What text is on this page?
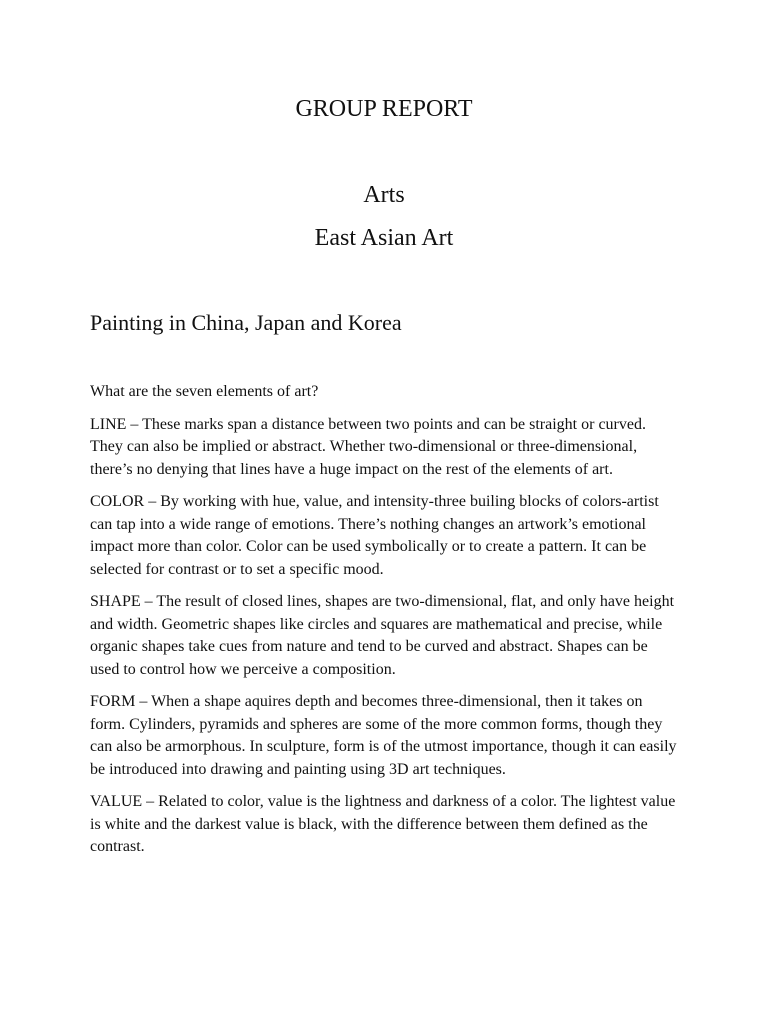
GROUP REPORT
Arts
East Asian Art
Painting in China, Japan and Korea

What are the seven elements of art?

LINE – These marks span a distance between two points and can be straight or curved. They can also be implied or abstract. Whether two-dimensional or three-dimensional, there’s no denying that lines have a huge impact on the rest of the elements of art.

COLOR – By working with hue, value, and intensity-three builing blocks of colors-artist can tap into a wide range of emotions. There’s nothing changes an artwork’s emotional impact more than color. Color can be used symbolically or to create a pattern. It can be selected for contrast or to set a specific mood.

SHAPE – The result of closed lines, shapes are two-dimensional, flat, and only have height and width. Geometric shapes like circles and squares are mathematical and precise, while organic shapes take cues from nature and tend to be curved and abstract. Shapes can be used to control how we perceive a composition.

FORM – When a shape aquires depth and becomes three-dimensional, then it takes on form. Cylinders, pyramids and spheres are some of the more common forms, though they can also be armorphous. In sculpture, form is of the utmost importance, though it can easily be introduced into drawing and painting using 3D art techniques.

VALUE – Related to color, value is the lightness and darkness of a color. The lightest value is white and the darkest value is black, with the difference between them defined as the contrast.
